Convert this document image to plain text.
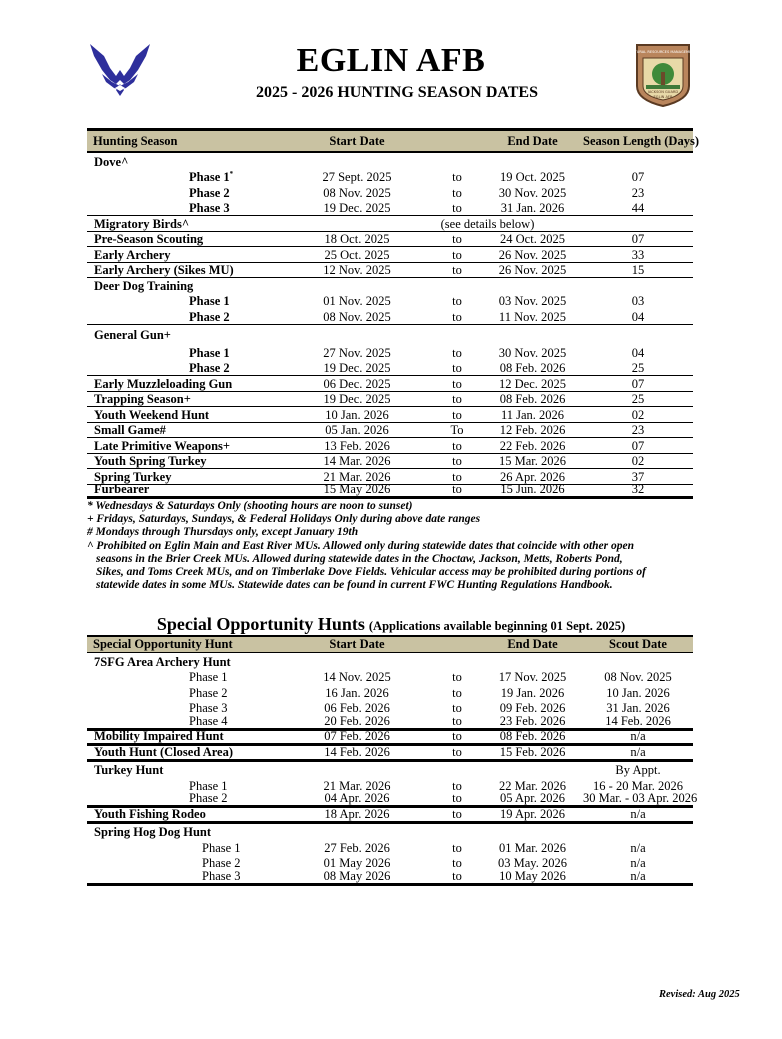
NATURAL RESOURCES MANAGEMENT
JACKSON GUARD
EGLIN AFB
EGLIN AFB
2025 - 2026 HUNTING SEASON DATES
Hunting Season	Start Date	End Date	Season Length (Days)
Dove^
Phase 1*	27 Sept. 2025	to	19 Oct. 2025	07
Phase 2	08 Nov. 2025	to	30 Nov. 2025	23
Phase 3	19 Dec. 2025	to	31 Jan. 2026	44
Migratory Birds^	(see details below)
Pre-Season Scouting	18 Oct. 2025	to	24 Oct. 2025	07
Early Archery	25 Oct. 2025	to	26 Nov. 2025	33
Early Archery (Sikes MU)	12 Nov. 2025	to	26 Nov. 2025	15
Deer Dog Training
Phase 1	01 Nov. 2025	to	03 Nov. 2025	03
Phase 2	08 Nov. 2025	to	11 Nov. 2025	04
General Gun+
Phase 1	27 Nov. 2025	to	30 Nov. 2025	04
Phase 2	19 Dec. 2025	to	08 Feb. 2026	25
Early Muzzleloading Gun	06 Dec. 2025	to	12 Dec. 2025	07
Trapping Season+	19 Dec. 2025	to	08 Feb. 2026	25
Youth Weekend Hunt	10 Jan. 2026	to	11 Jan. 2026	02
Small Game#	05 Jan. 2026	To	12 Feb. 2026	23
Late Primitive Weapons+	13 Feb. 2026	to	22 Feb. 2026	07
Youth Spring Turkey	14 Mar. 2026	to	15 Mar. 2026	02
Spring Turkey	21 Mar. 2026	to	26 Apr. 2026	37
Furbearer	15 May 2026	to	15 Jun. 2026	32
* Wednesdays & Saturdays Only (shooting hours are noon to sunset)
+ Fridays, Saturdays, Sundays, & Federal Holidays Only during above date ranges
# Mondays through Thursdays only, except January 19th
^ Prohibited on Eglin Main and East River MUs. Allowed only during statewide dates that coincide with other open
seasons in the Brier Creek MUs. Allowed during statewide dates in the Choctaw, Jackson, Metts, Roberts Pond,
Sikes, and Toms Creek MUs, and on Timberlake Dove Fields. Vehicular access may be prohibited during portions of
statewide dates in some MUs. Statewide dates can be found in current FWC Hunting Regulations Handbook.
Special Opportunity Hunts (Applications available beginning 01 Sept. 2025)
Special Opportunity Hunt	Start Date	End Date	Scout Date
7SFG Area Archery Hunt
Phase 1	14 Nov. 2025	to	17 Nov. 2025	08 Nov. 2025
Phase 2	16 Jan. 2026	to	19 Jan. 2026	10 Jan. 2026
Phase 3	06 Feb. 2026	to	09 Feb. 2026	31 Jan. 2026
Phase 4	20 Feb. 2026	to	23 Feb. 2026	14 Feb. 2026
Mobility Impaired Hunt	07 Feb. 2026	to	08 Feb. 2026	n/a
Youth Hunt (Closed Area)	14 Feb. 2026	to	15 Feb. 2026	n/a
Turkey Hunt	By Appt.
Phase 1	21 Mar. 2026	to	22 Mar. 2026	16 - 20 Mar. 2026
Phase 2	04 Apr. 2026	to	05 Apr. 2026	30 Mar. - 03 Apr. 2026
Youth Fishing Rodeo	18 Apr. 2026	to	19 Apr. 2026	n/a
Spring Hog Dog Hunt
Phase 1	27 Feb. 2026	to	01 Mar. 2026	n/a
Phase 2	01 May 2026	to	03 May. 2026	n/a
Phase 3	08 May 2026	to	10 May 2026	n/a
Revised: Aug 2025
